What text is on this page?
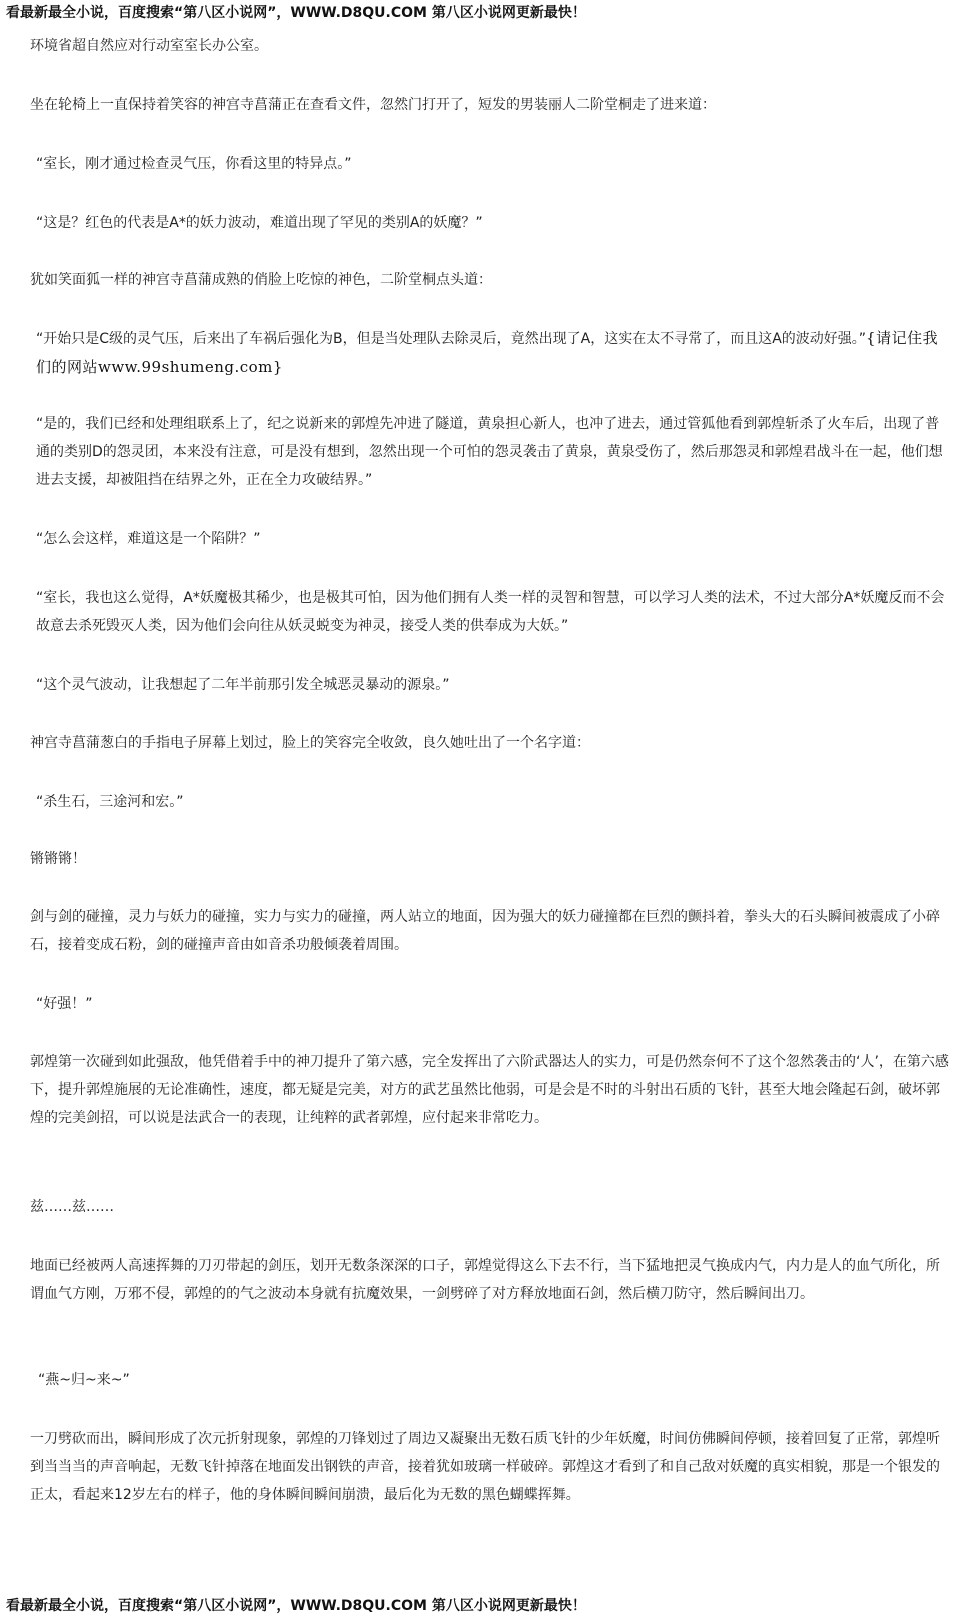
看最新最全小说，百度搜索“第八区小说网”，WWW.D8QU.COM 第八区小说网更新最快！

环境省超自然应对行动室室长办公室。

坐在轮椅上一直保持着笑容的神宫寺菖蒲正在查看文件，忽然门打开了，短发的男装丽人二阶堂桐走了进来道：

“室长，刚才通过检查灵气压，你看这里的特异点。”

“这是？红色的代表是A*的妖力波动，难道出现了罕见的类别A的妖魔？”

犹如笑面狐一样的神宫寺菖蒲成熟的俏脸上吃惊的神色，二阶堂桐点头道：

“开始只是C级的灵气压，后来出了车祸后强化为B，但是当处理队去除灵后，竟然出现了A，这实在太不寻常了，而且这A的波动好强。”{请记住我们的网站www.99shumeng.com}

“是的，我们已经和处理组联系上了，纪之说新来的郭煌先冲进了隧道，黄泉担心新人，也冲了进去，通过管狐他看到郭煌斩杀了火车后，出现了普通的类别D的怨灵团，本来没有注意，可是没有想到，忽然出现一个可怕的怨灵袭击了黄泉，黄泉受伤了，然后那怨灵和郭煌君战斗在一起，他们想进去支援，却被阻挡在结界之外，正在全力攻破结界。”

“怎么会这样，难道这是一个陷阱？”

“室长，我也这么觉得，A*妖魔极其稀少，也是极其可怕，因为他们拥有人类一样的灵智和智慧，可以学习人类的法术，不过大部分A*妖魔反而不会故意去杀死毁灭人类，因为他们会向往从妖灵蜕变为神灵，接受人类的供奉成为大妖。”

“这个灵气波动，让我想起了二年半前那引发全城恶灵暴动的源泉。”

神宫寺菖蒲葱白的手指电子屏幕上划过，脸上的笑容完全收敛，良久她吐出了一个名字道：

“杀生石，三途河和宏。”

锵锵锵！

剑与剑的碰撞，灵力与妖力的碰撞，实力与实力的碰撞，两人站立的地面，因为强大的妖力碰撞都在巨烈的颤抖着，拳头大的石头瞬间被震成了小碎石，接着变成石粉，剑的碰撞声音由如音杀功般倾袭着周围。

“好强！”

郭煌第一次碰到如此强敌，他凭借着手中的神刀提升了第六感，完全发挥出了六阶武器达人的实力，可是仍然奈何不了这个忽然袭击的‘人’，在第六感下，提升郭煌施展的无论准确性，速度，都无疑是完美，对方的武艺虽然比他弱，可是会是不时的斗射出石质的飞针，甚至大地会隆起石剑，破坏郭煌的完美剑招，可以说是法武合一的表现，让纯粹的武者郭煌，应付起来非常吃力。

兹……兹……

地面已经被两人高速挥舞的刀刃带起的剑压，划开无数条深深的口子，郭煌觉得这么下去不行，当下猛地把灵气换成内气，内力是人的血气所化，所谓血气方刚，万邪不侵，郭煌的的气之波动本身就有抗魔效果，一剑劈碎了对方释放地面石剑，然后横刀防守，然后瞬间出刀。

“燕~归~来~”

一刀劈砍而出，瞬间形成了次元折射现象，郭煌的刀锋划过了周边又凝聚出无数石质飞针的少年妖魔，时间仿佛瞬间停顿，接着回复了正常，郭煌听到当当当的声音响起，无数飞针掉落在地面发出钢铁的声音，接着犹如玻璃一样破碎。郭煌这才看到了和自己敌对妖魔的真实相貌，那是一个银发的正太，看起来12岁左右的样子，他的身体瞬间瞬间崩溃，最后化为无数的黑色蝴蝶挥舞。

看最新最全小说，百度搜索“第八区小说网”，WWW.D8QU.COM 第八区小说网更新最快！
